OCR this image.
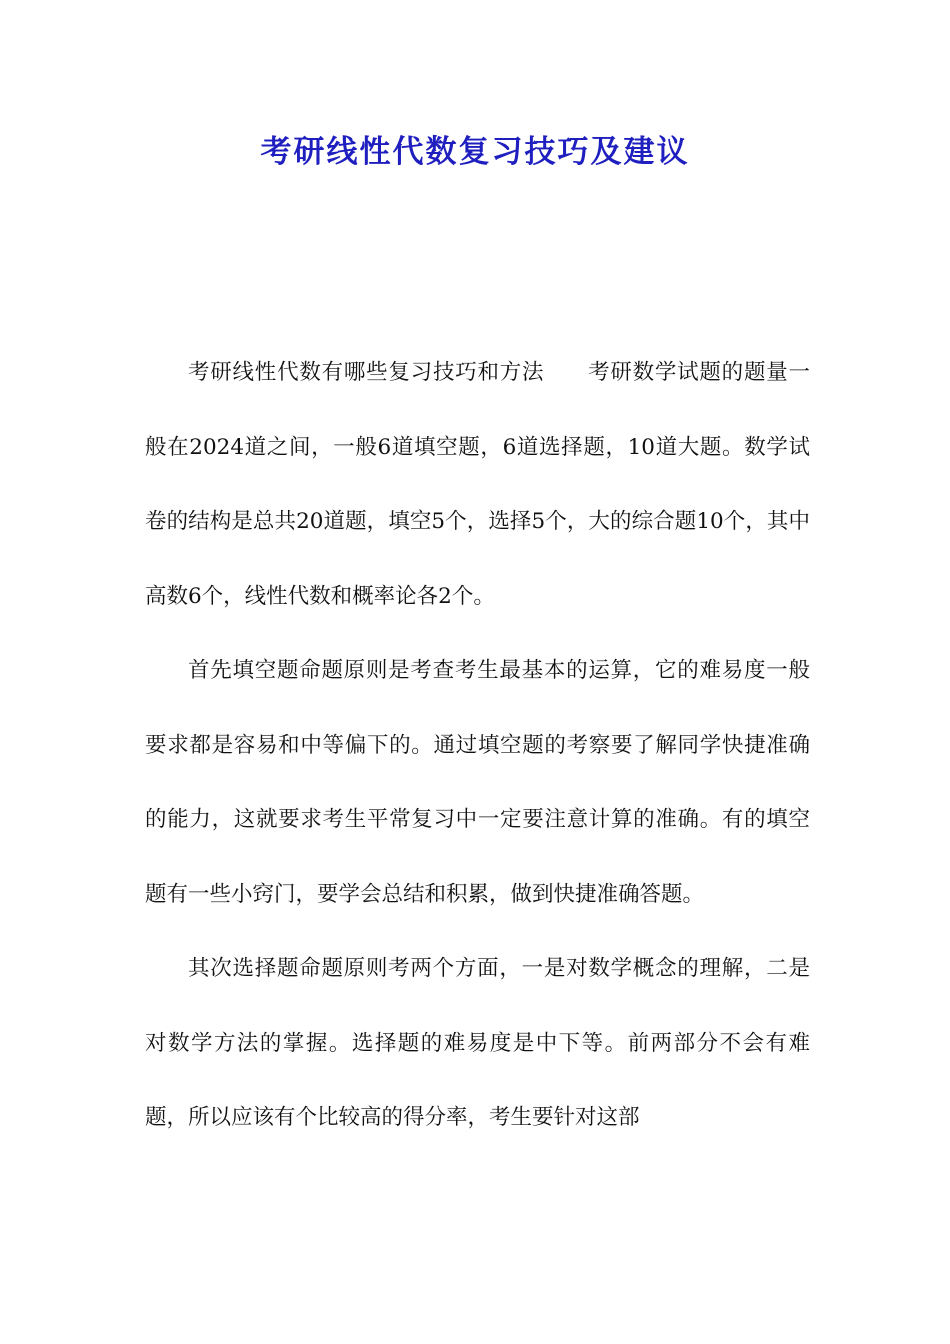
考研线性代数复习技巧及建议

考研线性代数有哪些复习技巧和方法 考研数学试题的题量一般在2024道之间，一般6道填空题，6道选择题，10道大题。数学试卷的结构是总共20道题，填空5个，选择5个，大的综合题10个，其中高数6个，线性代数和概率论各2个。

首先填空题命题原则是考查考生最基本的运算，它的难易度一般要求都是容易和中等偏下的。通过填空题的考察要了解同学快捷准确的能力，这就要求考生平常复习中一定要注意计算的准确。有的填空题有一些小窍门，要学会总结和积累，做到快捷准确答题。

其次选择题命题原则考两个方面，一是对数学概念的理解，二是对数学方法的掌握。选择题的难易度是中下等。前两部分不会有难题，所以应该有个比较高的得分率，考生要针对这部
